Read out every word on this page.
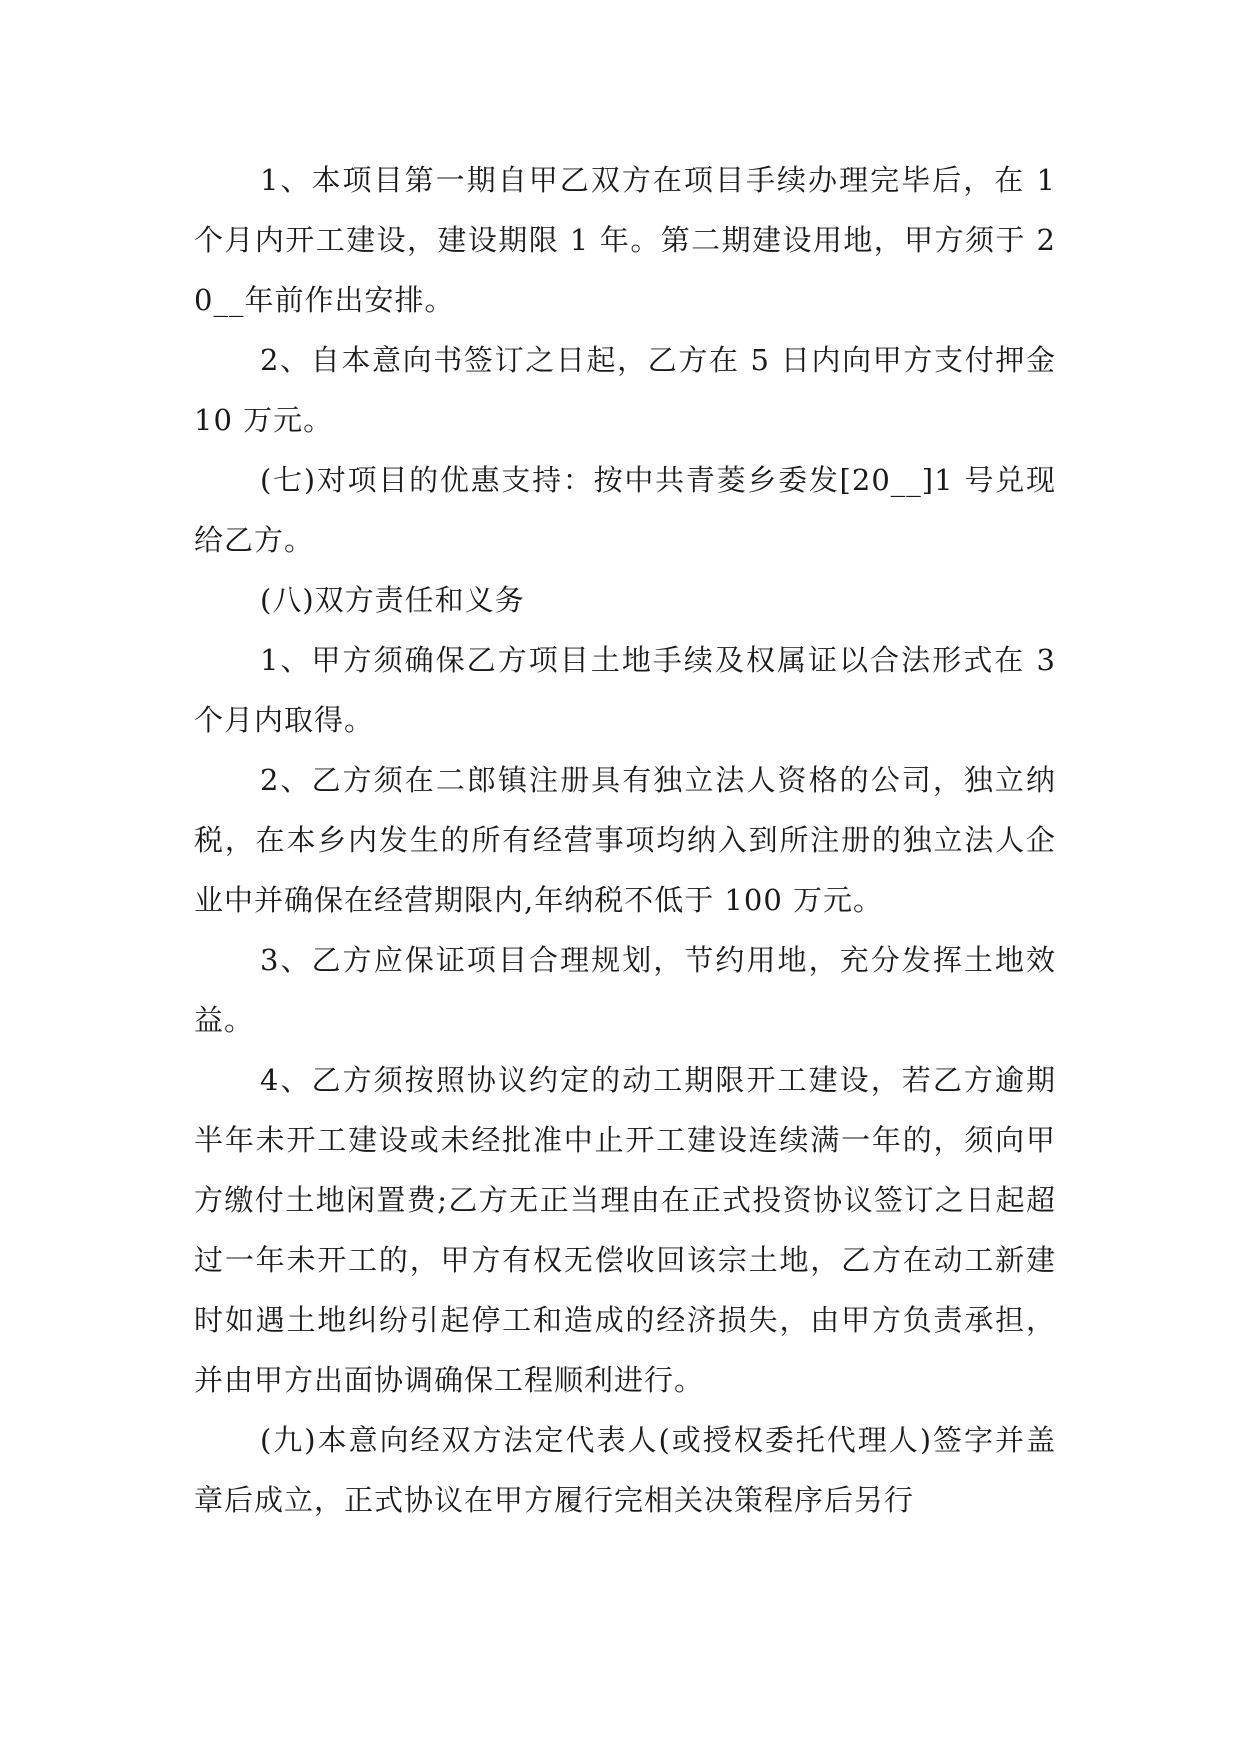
1、本项目第一期自甲乙双方在项目手续办理完毕后，在 1 个月内开工建设，建设期限 1 年。第二期建设用地，甲方须于 20__年前作出安排。

2、自本意向书签订之日起，乙方在 5 日内向甲方支付押金 10 万元。

(七)对项目的优惠支持：按中共青菱乡委发[20__]1 号兑现给乙方。

(八)双方责任和义务

1、甲方须确保乙方项目土地手续及权属证以合法形式在 3 个月内取得。

2、乙方须在二郎镇注册具有独立法人资格的公司，独立纳税，在本乡内发生的所有经营事项均纳入到所注册的独立法人企业中并确保在经营期限内,年纳税不低于 100 万元。

3、乙方应保证项目合理规划，节约用地，充分发挥土地效益。

4、乙方须按照协议约定的动工期限开工建设，若乙方逾期半年未开工建设或未经批准中止开工建设连续满一年的，须向甲方缴付土地闲置费;乙方无正当理由在正式投资协议签订之日起超过一年未开工的，甲方有权无偿收回该宗土地，乙方在动工新建时如遇土地纠纷引起停工和造成的经济损失，由甲方负责承担，并由甲方出面协调确保工程顺利进行。

(九)本意向经双方法定代表人(或授权委托代理人)签字并盖章后成立，正式协议在甲方履行完相关决策程序后另行
